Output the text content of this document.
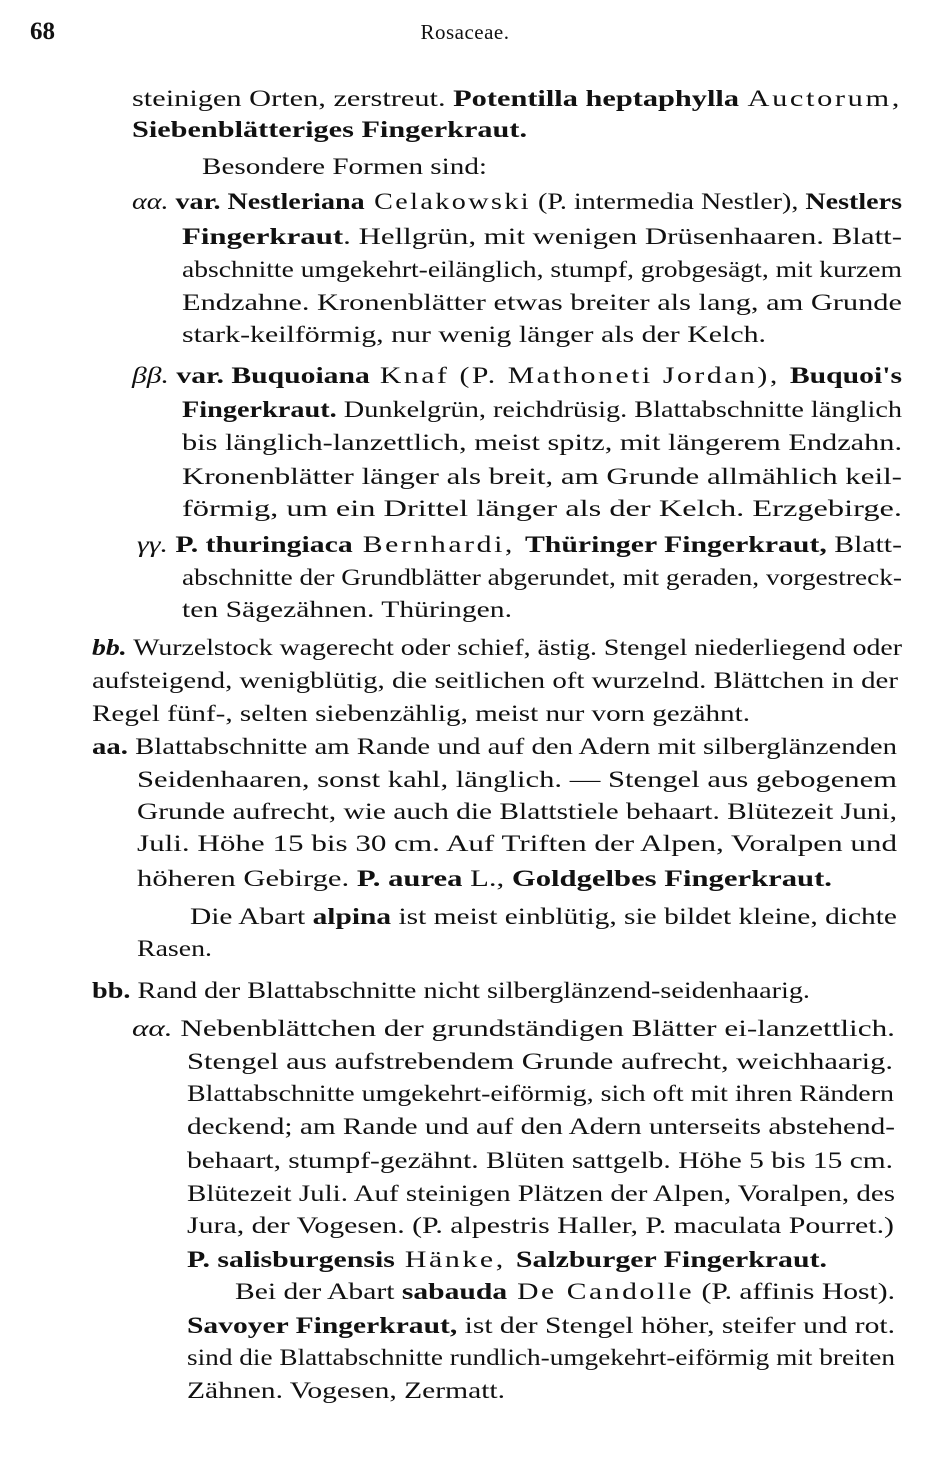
68	Rosaceae.
steinigen Orten, zerstreut. Potentilla heptaphylla Auctorum,
Siebenblätteriges Fingerkraut.
Besondere Formen sind:
αα. var. Nestleriana Celakowski (P. intermedia Nestler), Nestlers
Fingerkraut. Hellgrün, mit wenigen Drüsenhaaren. Blatt-
abschnitte umgekehrt-eilänglich, stumpf, grobgesägt, mit kurzem
Endzahne. Kronenblätter etwas breiter als lang, am Grunde
stark-keilförmig, nur wenig länger als der Kelch.
ββ. var. Buquoiana Knaf (P. Mathoneti Jordan), Buquoi's
Fingerkraut. Dunkelgrün, reichdrüsig. Blattabschnitte länglich
bis länglich-lanzettlich, meist spitz, mit längerem Endzahn.
Kronenblätter länger als breit, am Grunde allmählich keil-
förmig, um ein Drittel länger als der Kelch. Erzgebirge.
γγ. P. thuringiaca Bernhardi, Thüringer Fingerkraut, Blatt-
abschnitte der Grundblätter abgerundet, mit geraden, vorgestreck-
ten Sägezähnen. Thüringen.
bb. Wurzelstock wagerecht oder schief, ästig. Stengel niederliegend oder
aufsteigend, wenigblütig, die seitlichen oft wurzelnd. Blättchen in der
Regel fünf-, selten siebenzählig, meist nur vorn gezähnt.
aa. Blattabschnitte am Rande und auf den Adern mit silberglänzenden
Seidenhaaren, sonst kahl, länglich. — Stengel aus gebogenem
Grunde aufrecht, wie auch die Blattstiele behaart. Blütezeit Juni,
Juli. Höhe 15 bis 30 cm. Auf Triften der Alpen, Voralpen und
höheren Gebirge. P. aurea L., Goldgelbes Fingerkraut.
Die Abart alpina ist meist einblütig, sie bildet kleine, dichte
Rasen.
bb. Rand der Blattabschnitte nicht silberglänzend-seidenhaarig.
αα. Nebenblättchen der grundständigen Blätter ei-lanzettlich.
Stengel aus aufstrebendem Grunde aufrecht, weichhaarig.
Blattabschnitte umgekehrt-eiförmig, sich oft mit ihren Rändern
deckend; am Rande und auf den Adern unterseits abstehend-
behaart, stumpf-gezähnt. Blüten sattgelb. Höhe 5 bis 15 cm.
Blütezeit Juli. Auf steinigen Plätzen der Alpen, Voralpen, des
Jura, der Vogesen. (P. alpestris Haller, P. maculata Pourret.)
P. salisburgensis Hänke, Salzburger Fingerkraut.
Bei der Abart sabauda De Candolle (P. affinis Host).
Savoyer Fingerkraut, ist der Stengel höher, steifer und rot.
sind die Blattabschnitte rundlich-umgekehrt-eiförmig mit breiten
Zähnen. Vogesen, Zermatt.
